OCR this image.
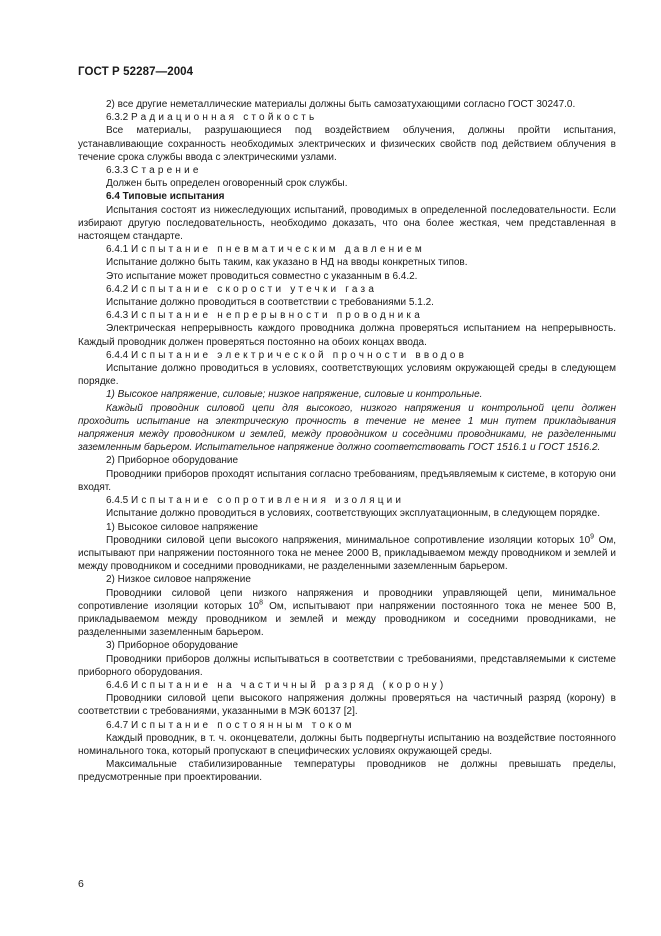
ГОСТ Р 52287—2004

2) все другие неметаллические материалы должны быть самозатухающими согласно ГОСТ 30247.0.

6.3.2 Радиационная стойкость

Все материалы, разрушающиеся под воздействием облучения, должны пройти испытания, устанавливающие сохранность необходимых электрических и физических свойств под действием облучения в течение срока службы ввода с электрическими узлами.

6.3.3 Старение

Должен быть определен оговоренный срок службы.

6.4 Типовые испытания

Испытания состоят из нижеследующих испытаний, проводимых в определенной последовательности. Если избирают другую последовательность, необходимо доказать, что она более жесткая, чем представленная в настоящем стандарте.

6.4.1 Испытание пневматическим давлением

Испытание должно быть таким, как указано в НД на вводы конкретных типов.

Это испытание может проводиться совместно с указанным в 6.4.2.

6.4.2 Испытание скорости утечки газа

Испытание должно проводиться в соответствии с требованиями 5.1.2.

6.4.3 Испытание непрерывности проводника

Электрическая непрерывность каждого проводника должна проверяться испытанием на непрерывность. Каждый проводник должен проверяться постоянно на обоих концах ввода.

6.4.4 Испытание электрической прочности вводов

Испытание должно проводиться в условиях, соответствующих условиям окружающей среды в следующем порядке.

1) Высокое напряжение, силовые; низкое напряжение, силовые и контрольные.

Каждый проводник силовой цепи для высокого, низкого напряжения и контрольной цепи должен проходить испытание на электрическую прочность в течение не менее 1 мин путем прикладывания напряжения между проводником и землей, между проводником и соседними проводниками, не разделенными заземленным барьером. Испытательное напряжение должно соответствовать ГОСТ 1516.1 и ГОСТ 1516.2.

2) Приборное оборудование

Проводники приборов проходят испытания согласно требованиям, предъявляемым к системе, в которую они входят.

6.4.5 Испытание сопротивления изоляции

Испытание должно проводиться в условиях, соответствующих эксплуатационным, в следующем порядке.

1) Высокое силовое напряжение

Проводники силовой цепи высокого напряжения, минимальное сопротивление изоляции которых $10^9$ Ом, испытывают при напряжении постоянного тока не менее 2000 В, прикладываемом между проводником и землей и между проводником и соседними проводниками, не разделенными заземленным барьером.

2) Низкое силовое напряжение

Проводники силовой цепи низкого напряжения и проводники управляющей цепи, минимальное сопротивление изоляции которых $10^8$ Ом, испытывают при напряжении постоянного тока не менее 500 В, прикладываемом между проводником и землей и между проводником и соседними проводниками, не разделенными заземленным барьером.

3) Приборное оборудование

Проводники приборов должны испытываться в соответствии с требованиями, представляемыми к системе приборного оборудования.

6.4.6 Испытание на частичный разряд (корону)

Проводники силовой цепи высокого напряжения должны проверяться на частичный разряд (корону) в соответствии с требованиями, указанными в МЭК 60137 [2].

6.4.7 Испытание постоянным током

Каждый проводник, в т. ч. оконцеватели, должны быть подвергнуты испытанию на воздействие постоянного номинального тока, который пропускают в специфических условиях окружающей среды.

Максимальные стабилизированные температуры проводников не должны превышать пределы, предусмотренные при проектировании.

6
